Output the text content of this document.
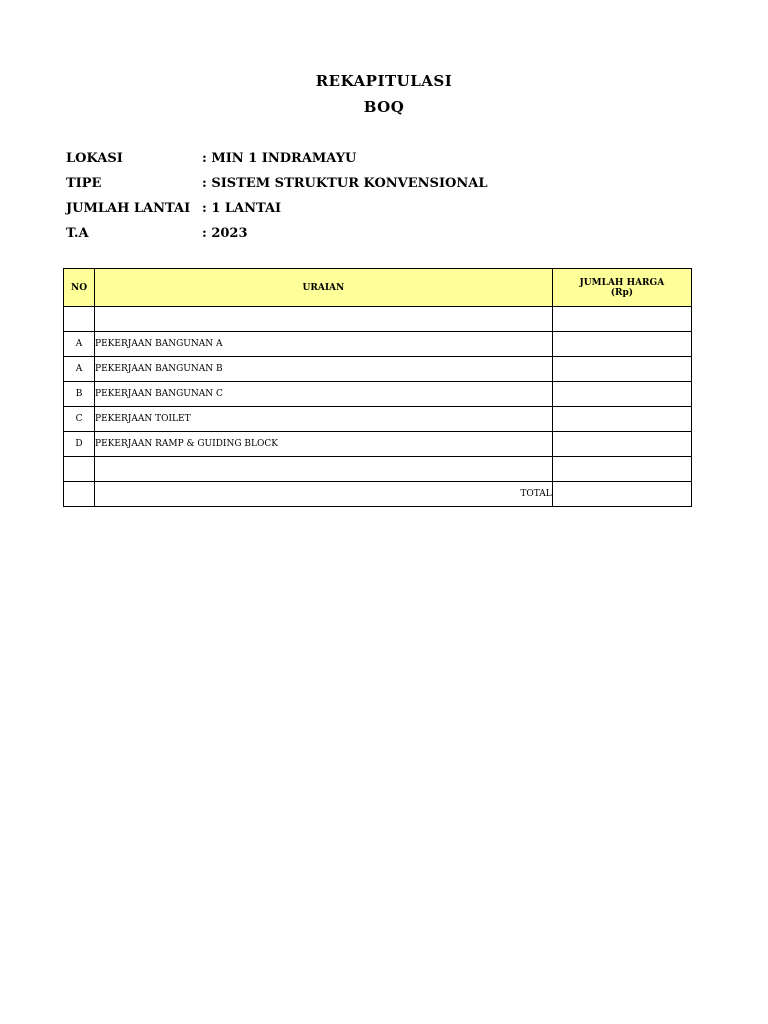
REKAPITULASI
BOQ
LOKASI	: MIN 1 INDRAMAYU
TIPE	: SISTEM STRUKTUR KONVENSIONAL
JUMLAH LANTAI : 1 LANTAI
T.A	: 2023
NO	URAIAN	JUMLAH HARGA
(Rp)

A	PEKERJAAN BANGUNAN A	
A	PEKERJAAN BANGUNAN B	
B	PEKERJAAN BANGUNAN C	
C	PEKERJAAN TOILET	
D	PEKERJAAN RAMP & GUIDING BLOCK	

	TOTAL	
